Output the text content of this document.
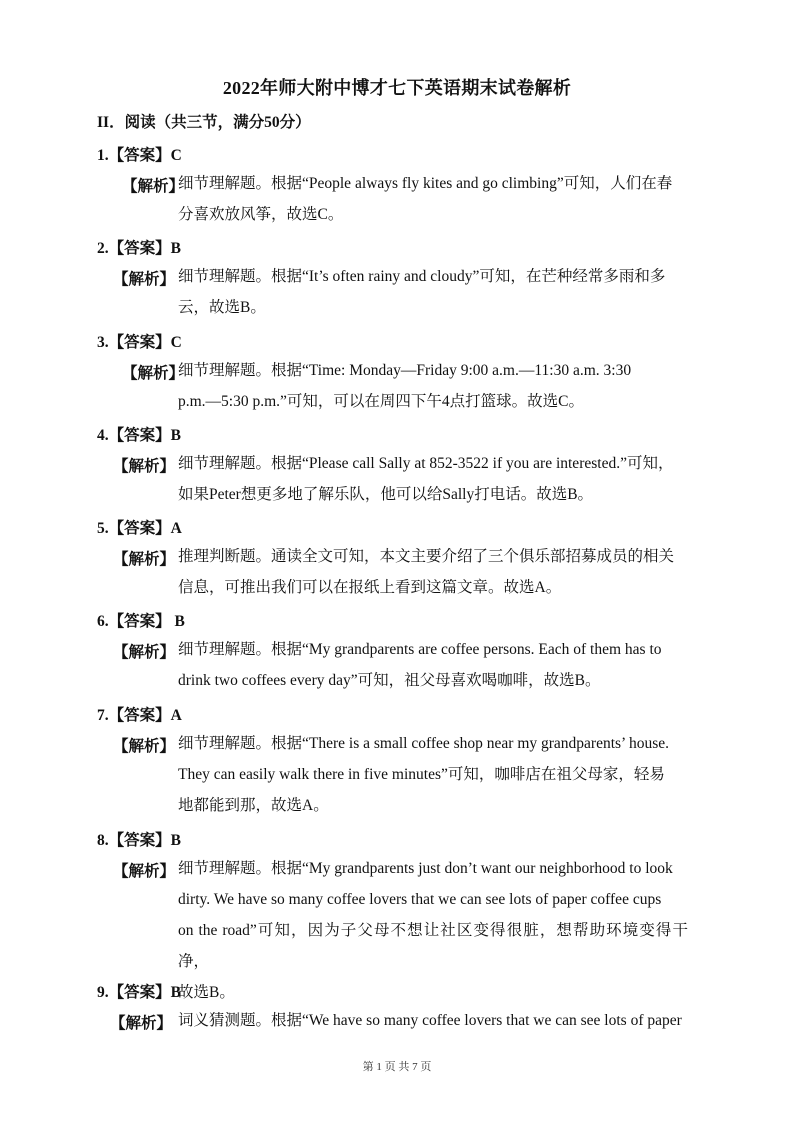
2022年师大附中博才七下英语期末试卷解析
II．阅读（共三节，满分50分）
1.【答案】C
【解析】
细节理解题。根据“People always fly kites and go climbing”可知，人们在春
分喜欢放风筝，故选C。
2.【答案】B
【解析】 细节理解题。根据“It’s often rainy and cloudy”可知，在芒种经常多雨和多
云，故选B。
3.【答案】C
【解析】
细节理解题。根据“Time: Monday—Friday 9:00 a.m.—11:30 a.m. 3:30
p.m.—5:30 p.m.”可知，可以在周四下午4点打篮球。故选C。
4.【答案】B
【解析】 细节理解题。根据“Please call Sally at 852-3522 if you are interested.”可知，
如果Peter想更多地了解乐队，他可以给Sally打电话。故选B。
5.【答案】A
【解析】 推理判断题。通读全文可知，本文主要介绍了三个俱乐部招募成员的相关
信息，可推出我们可以在报纸上看到这篇文章。故选A。
6.【答案】 B
【解析】 细节理解题。根据“My grandparents are coffee persons. Each of them has to
drink two coffees every day”可知，祖父母喜欢喝咖啡，故选B。
7.【答案】A
【解析】 细节理解题。根据“There is a small coffee shop near my grandparents’ house.
They can easily walk there in five minutes”可知，咖啡店在祖父母家，轻易
地都能到那，故选A。
8.【答案】B
【解析】 细节理解题。根据“My grandparents just don’t want our neighborhood to look
dirty. We have so many coffee lovers that we can see lots of paper coffee cups
on the road”可知，因为子父母不想让社区变得很脏，想帮助环境变得干净，
故选B。
9.【答案】B
【解析】 词义猜测题。根据“We have so many coffee lovers that we can see lots of paper
第 1 页 共 7 页
